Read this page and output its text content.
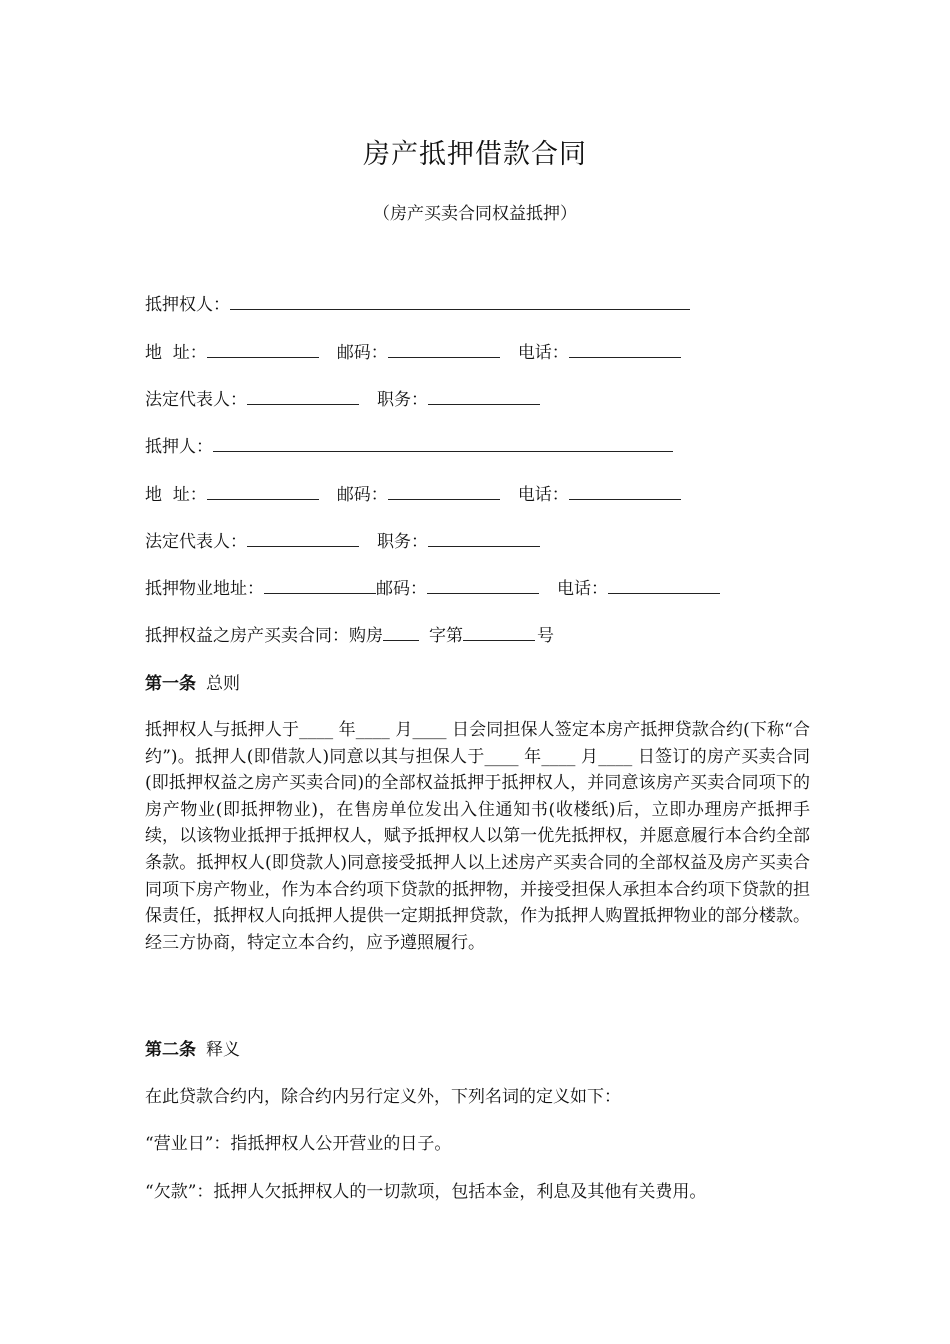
房产抵押借款合同
（房产买卖合同权益抵押）
抵押权人：
地  址：	邮码：	电话：
法定代表人：	职务：
抵押人：
地  址：	邮码：	电话：
法定代表人：	职务：
抵押物业地址：	邮码：	电话：
抵押权益之房产买卖合同：购房	字第	号
第一条 总则
抵押权人与抵押人于____ 年____ 月____ 日会同担保人签定本房产抵押贷款合约(下称“合约”)。抵押人(即借款人)同意以其与担保人于____ 年____ 月____ 日签订的房产买卖合同(即抵押权益之房产买卖合同)的全部权益抵押于抵押权人，并同意该房产买卖合同项下的房产物业(即抵押物业)，在售房单位发出入住通知书(收楼纸)后，立即办理房产抵押手续，以该物业抵押于抵押权人，赋予抵押权人以第一优先抵押权，并愿意履行本合约全部条款。抵押权人(即贷款人)同意接受抵押人以上述房产买卖合同的全部权益及房产买卖合同项下房产物业，作为本合约项下贷款的抵押物，并接受担保人承担本合约项下贷款的担保责任，抵押权人向抵押人提供一定期抵押贷款，作为抵押人购置抵押物业的部分楼款。经三方协商，特定立本合约，应予遵照履行。
第二条 释义
在此贷款合约内，除合约内另行定义外，下列名词的定义如下：
“营业日”：指抵押权人公开营业的日子。
“欠款”：抵押人欠抵押权人的一切款项，包括本金，利息及其他有关费用。
